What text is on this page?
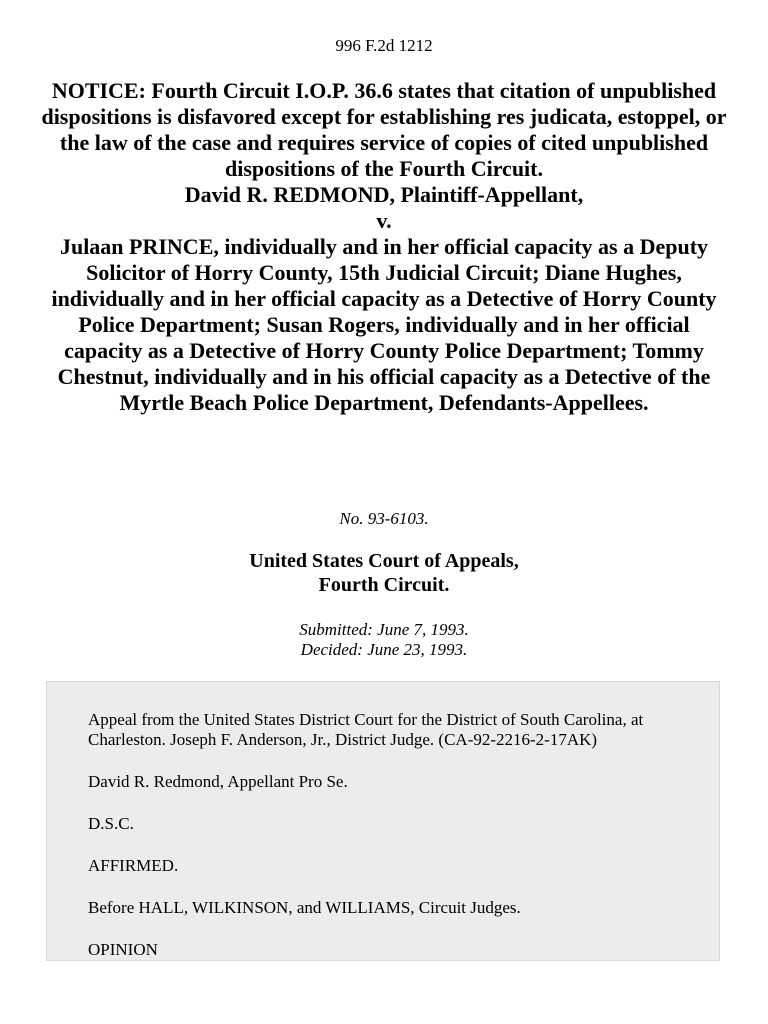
996 F.2d 1212
NOTICE: Fourth Circuit I.O.P. 36.6 states that citation of unpublished dispositions is disfavored except for establishing res judicata, estoppel, or the law of the case and requires service of copies of cited unpublished dispositions of the Fourth Circuit.
David R. REDMOND, Plaintiff-Appellant,
v.
Julaan PRINCE, individually and in her official capacity as a Deputy Solicitor of Horry County, 15th Judicial Circuit; Diane Hughes, individually and in her official capacity as a Detective of Horry County Police Department; Susan Rogers, individually and in her official capacity as a Detective of Horry County Police Department; Tommy Chestnut, individually and in his official capacity as a Detective of the Myrtle Beach Police Department, Defendants-Appellees.
No. 93-6103.
United States Court of Appeals,
Fourth Circuit.
Submitted: June 7, 1993.
Decided: June 23, 1993.

Appeal from the United States District Court for the District of South Carolina, at Charleston. Joseph F. Anderson, Jr., District Judge. (CA-92-2216-2-17AK)

David R. Redmond, Appellant Pro Se.

D.S.C.

AFFIRMED.

Before HALL, WILKINSON, and WILLIAMS, Circuit Judges.

OPINION
